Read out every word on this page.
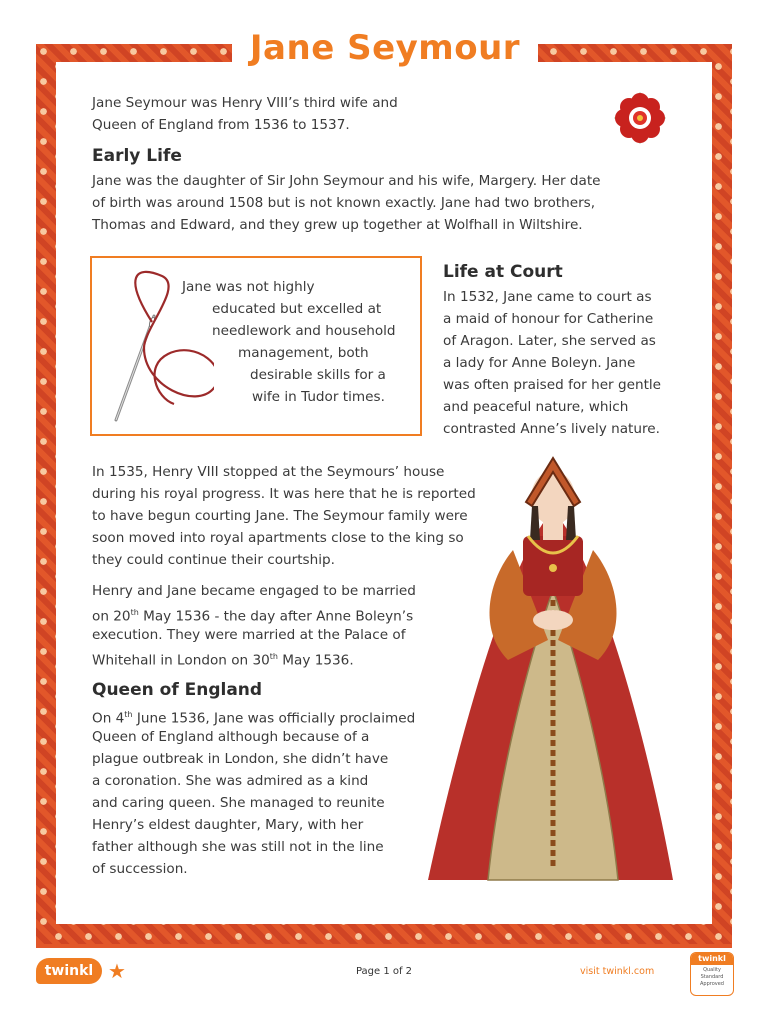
Jane Seymour

Jane Seymour was Henry VIII’s third wife and

Queen of England from 1536 to 1537.

Early Life

Jane was the daughter of Sir John Seymour and his wife, Margery. Her date

of birth was around 1508 but is not known exactly. Jane had two brothers,

Thomas and Edward, and they grew up together at Wolfhall in Wiltshire.

Jane was not highly
educated but excelled at
needlework and household
management, both
desirable skills for a
wife in Tudor times.
Life at Court

In 1532, Jane came to court as

a maid of honour for Catherine

of Aragon. Later, she served as

a lady for Anne Boleyn. Jane

was often praised for her gentle

and peaceful nature, which

contrasted Anne’s lively nature.

In 1535, Henry VIII stopped at the Seymours’ house

during his royal progress. It was here that he is reported

to have begun courting Jane. The Seymour family were

soon moved into royal apartments close to the king so

they could continue their courtship.

Henry and Jane became engaged to be married

on 20th May 1536 - the day after Anne Boleyn’s

execution. They were married at the Palace of

Whitehall in London on 30th May 1536.

Queen of England

On 4th June 1536, Jane was officially proclaimed

Queen of England although because of a

plague outbreak in London, she didn’t have

a coronation. She was admired as a kind

and caring queen. She managed to reunite

Henry’s eldest daughter, Mary, with her

father although she was still not in the line

of succession.

twinkl ★	Page 1 of 2	visit twinkl.com
twinkl
Quality Standard Approved
